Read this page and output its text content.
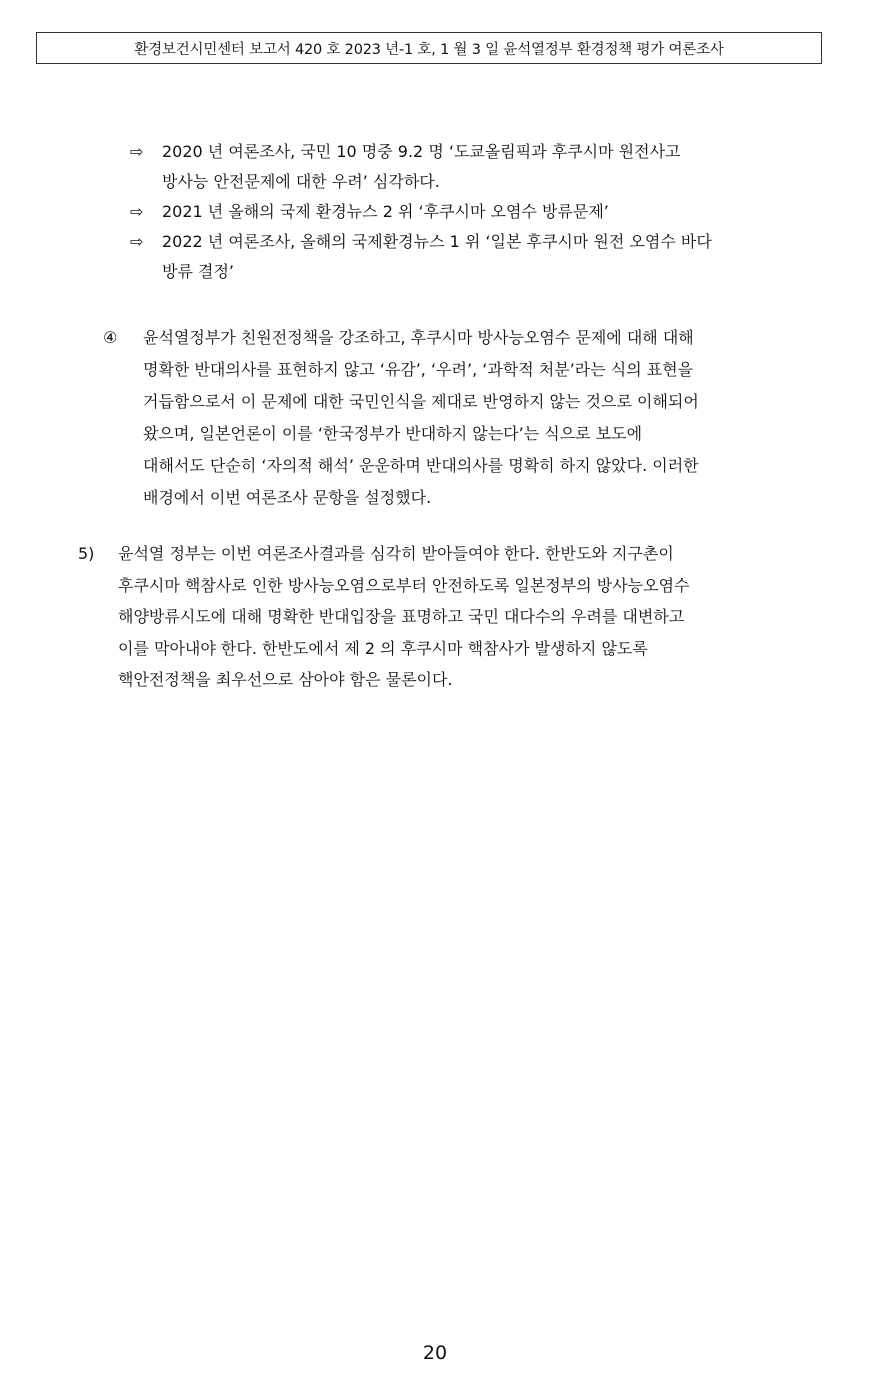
환경보건시민센터 보고서 420 호 2023 년-1 호, 1 월 3 일 윤석열정부 환경정책 평가 여론조사
⇨	2020 년 여론조사, 국민 10 명중 9.2 명 ‘도쿄올림픽과 후쿠시마 원전사고
방사능 안전문제에 대한 우려’ 심각하다.
⇨	2021 년 올해의 국제 환경뉴스 2 위 ‘후쿠시마 오염수 방류문제’
⇨	2022 년 여론조사, 올해의 국제환경뉴스 1 위 ‘일본 후쿠시마 원전 오염수 바다
방류 결정’
④	윤석열정부가 친원전정책을 강조하고, 후쿠시마 방사능오염수 문제에 대해 대해
명확한 반대의사를 표현하지 않고 ‘유감’, ‘우려’, ‘과학적 처분’라는 식의 표현을
거듭함으로서 이 문제에 대한 국민인식을 제대로 반영하지 않는 것으로 이해되어
왔으며, 일본언론이 이를 ‘한국정부가 반대하지 않는다’는 식으로 보도에
대해서도 단순히 ‘자의적 해석’ 운운하며 반대의사를 명확히 하지 않았다. 이러한
배경에서 이번 여론조사 문항을 설정했다.
5)	윤석열 정부는 이번 여론조사결과를 심각히 받아들여야 한다. 한반도와 지구촌이
후쿠시마 핵참사로 인한 방사능오염으로부터 안전하도록 일본정부의 방사능오염수
해양방류시도에 대해 명확한 반대입장을 표명하고 국민 대다수의 우려를 대변하고
이를 막아내야 한다. 한반도에서 제 2 의 후쿠시마 핵참사가 발생하지 않도록
핵안전정책을 최우선으로 삼아야 함은 물론이다.
20
